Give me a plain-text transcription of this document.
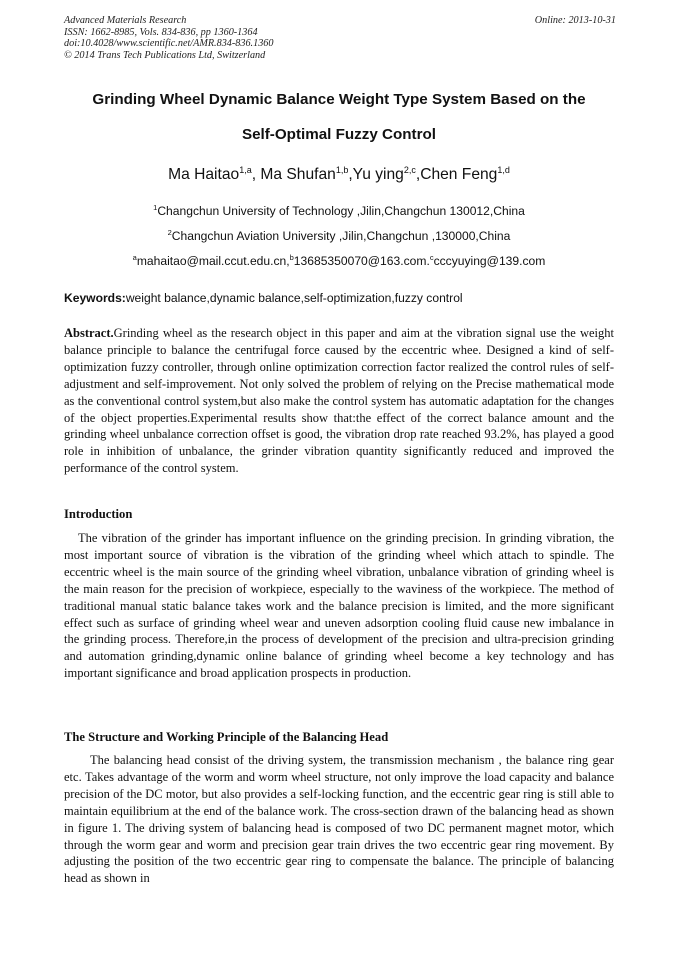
Advanced Materials Research
ISSN: 1662-8985, Vols. 834-836, pp 1360-1364
doi:10.4028/www.scientific.net/AMR.834-836.1360
© 2014 Trans Tech Publications Ltd, Switzerland
Online: 2013-10-31
Grinding Wheel Dynamic Balance Weight Type System Based on the
Self-Optimal Fuzzy Control
Ma Haitao$^{1,a}$, Ma Shufan$^{1,b}$,Yu ying$^{2,c}$,Chen Feng$^{1,d}$
$^1$Changchun University of Technology ,Jilin,Changchun 130012,China
$^2$Changchun Aviation University ,Jilin,Changchun ,130000,China
$^a$mahaitao@mail.ccut.edu.cn,$^b$13685350070@163.com.$^c$cccyuying@139.com
Keywords:weight balance,dynamic balance,self-optimization,fuzzy control
Abstract.Grinding wheel as the research object in this paper and aim at the vibration signal use the weight balance principle to balance the centrifugal force caused by the eccentric whee. Designed a kind of self-optimization fuzzy controller, through online optimization correction factor realized the control rules of self-adjustment and self-improvement. Not only solved the problem of relying on the Precise mathematical mode as the conventional control system,but also make the control system has automatic adaptation for the changes of the object properties.Experimental results show that:the effect of the correct balance amount and the grinding wheel unbalance correction offset is good, the vibration drop rate reached 93.2%, has played a good role in inhibition of unbalance, the grinder vibration quantity significantly reduced and improved the performance of the control system.
Introduction
The vibration of the grinder has important influence on the grinding precision. In grinding vibration, the most important source of vibration is the vibration of the grinding wheel which attach to spindle. The eccentric wheel is the main source of the grinding wheel vibration, unbalance vibration of grinding wheel is the main reason for the precision of workpiece, especially to the waviness of the workpiece. The method of traditional manual static balance takes work and the balance precision is limited, and the more significant effect such as surface of grinding wheel wear and uneven adsorption cooling fluid cause new imbalance in the grinding process. Therefore,in the process of development of the precision and ultra-precision grinding and automation grinding,dynamic online balance of grinding wheel become a key technology and has important significance and broad application prospects in production.
The Structure and Working Principle of the Balancing Head
The balancing head consist of the driving system, the transmission mechanism , the balance ring gear etc. Takes advantage of the worm and worm wheel structure, not only improve the load capacity and balance precision of the DC motor, but also provides a self-locking function, and the eccentric gear ring is still able to maintain equilibrium at the end of the balance work. The cross-section drawn of the balancing head as shown in figure 1. The driving system of balancing head is composed of two DC permanent magnet motor, which through the worm gear and worm and precision gear train drives the two eccentric gear ring movement. By adjusting the position of the two eccentric gear ring to compensate the balance. The principle of balancing head as shown in
